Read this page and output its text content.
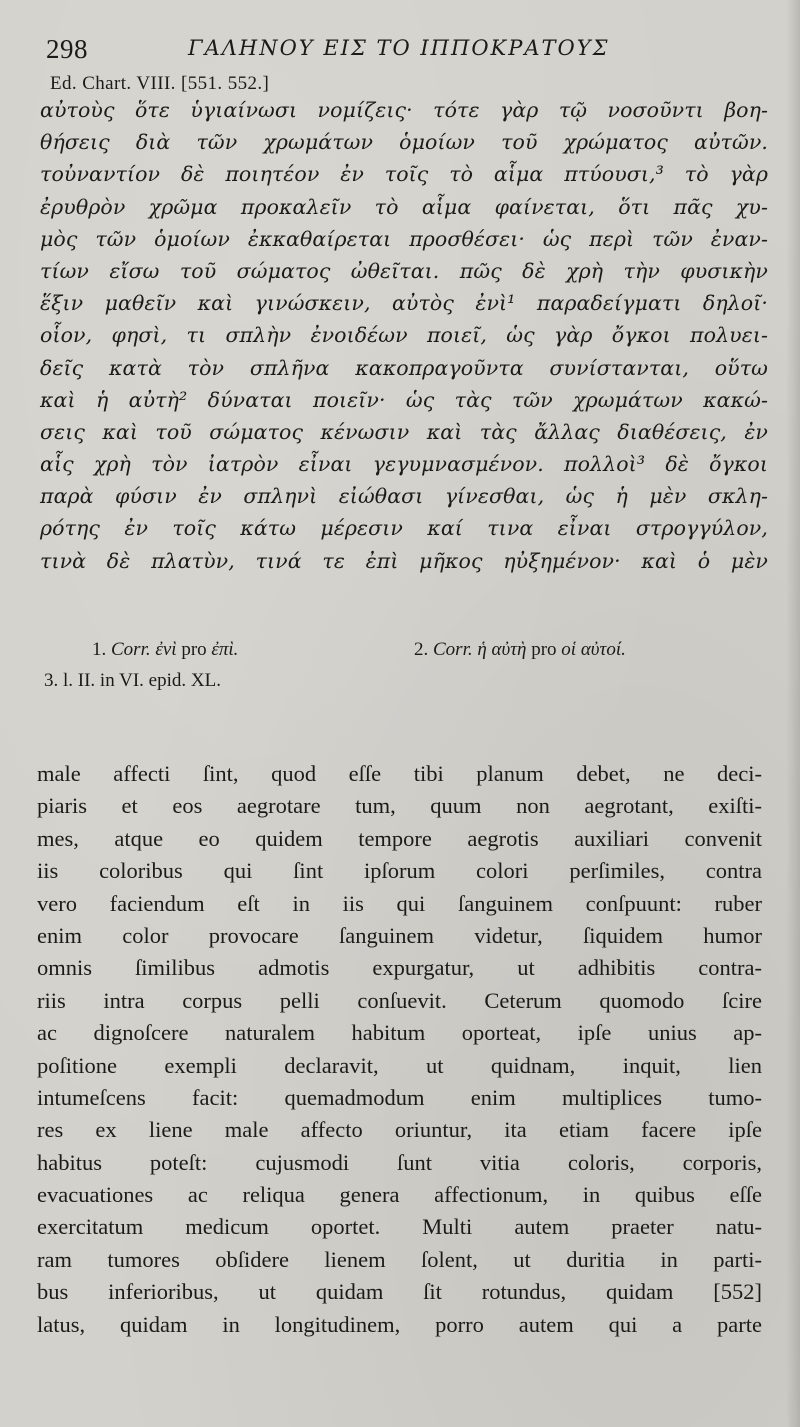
298	ΓΑΛΗΝΟΥ ΕΙΣ ΤΟ ΙΠΠΟΚΡΑΤΟΥΣ
Ed. Chart. VIII. [551. 552.]
αὐτοὺς ὅτε ὑγιαίνωσι νομίζεις· τότε γὰρ τῷ νοσοῦντι βοη-
θήσεις διὰ τῶν χρωμάτων ὁμοίων τοῦ χρώματος αὐτῶν.
τοὐναντίον δὲ ποιητέον ἐν τοῖς τὸ αἷμα πτύουσι,³ τὸ γὰρ
ἐρυθρὸν χρῶμα προκαλεῖν τὸ αἷμα φαίνεται, ὅτι πᾶς χυ-
μὸς τῶν ὁμοίων ἐκκαθαίρεται προσθέσει· ὡς περὶ τῶν ἐναν-
τίων εἴσω τοῦ σώματος ὠθεῖται. πῶς δὲ χρὴ τὴν φυσικὴν
ἕξιν μαθεῖν καὶ γινώσκειν, αὐτὸς ἐνὶ¹ παραδείγματι δηλοῖ·
οἷον, φησὶ, τι σπλὴν ἐνοιδέων ποιεῖ, ὡς γὰρ ὄγκοι πολυει-
δεῖς κατὰ τὸν σπλῆνα κακοπραγοῦντα συνίστανται, οὕτω
καὶ ἡ αὐτὴ² δύναται ποιεῖν· ὡς τὰς τῶν χρωμάτων κακώ-
σεις καὶ τοῦ σώματος κένωσιν καὶ τὰς ἄλλας διαθέσεις, ἐν
αἷς χρὴ τὸν ἰατρὸν εἶναι γεγυμνασμένον. πολλοὶ³ δὲ ὄγκοι
παρὰ φύσιν ἐν σπληνὶ εἰώθασι γίνεσθαι, ὡς ἡ μὲν σκλη-
ρότης ἐν τοῖς κάτω μέρεσιν καί τινα εἶναι στρογγύλον,
τινὰ δὲ πλατὺν, τινά τε ἐπὶ μῆκος ηὐξημένον· καὶ ὁ μὲν
1. Corr. ἐνὶ pro ἐπὶ.	2. Corr. ἡ αὐτὴ pro οἱ αὐτοί.
3. l. II. in VI. epid. XL.
male affecti ſint, quod eſſe tibi planum debet, ne deci-
piaris et eos aegrotare tum, quum non aegrotant, exiſti-
mes, atque eo quidem tempore aegrotis auxiliari convenit
iis coloribus qui ſint ipſorum colori perſimiles, contra
vero faciendum eſt in iis qui ſanguinem conſpuunt: ruber
enim color provocare ſanguinem videtur, ſiquidem humor
omnis ſimilibus admotis expurgatur, ut adhibitis contra-
riis intra corpus pelli conſuevit. Ceterum quomodo ſcire
ac dignoſcere naturalem habitum oporteat, ipſe unius ap-
poſitione exempli declaravit, ut quidnam, inquit, lien
intumeſcens facit: quemadmodum enim multiplices tumo-
res ex liene male affecto oriuntur, ita etiam facere ipſe
habitus poteſt: cujusmodi ſunt vitia coloris, corporis,
evacuationes ac reliqua genera affectionum, in quibus eſſe
exercitatum medicum oportet. Multi autem praeter natu-
ram tumores obſidere lienem ſolent, ut duritia in parti-
bus inferioribus, ut quidam ſit rotundus, quidam [552]
latus, quidam in longitudinem, porro autem qui a parte
